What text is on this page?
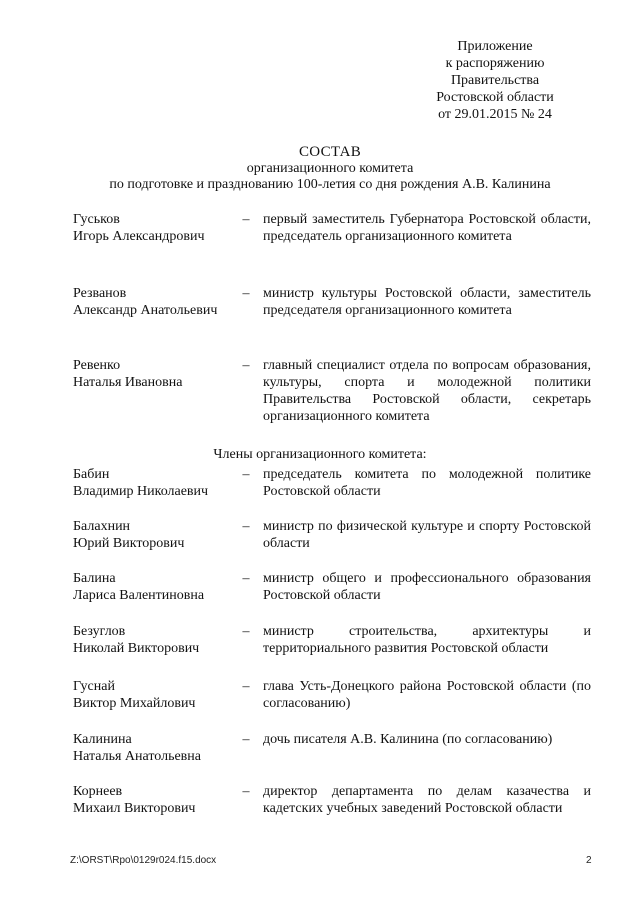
Приложение
к распоряжению
Правительства
Ростовской области
от 29.01.2015 № 24
СОСТАВ
организационного комитета
по подготовке и празднованию 100-летия со дня рождения А.В. Калинина
Гуськов
Игорь Александрович
– первый заместитель Губернатора Ростовской области, председатель организационного комитета
Резванов
Александр Анатольевич
– министр культуры Ростовской области, заместитель председателя организационного комитета
Ревенко
Наталья Ивановна
– главный специалист отдела по вопросам образования, культуры, спорта и молодежной политики Правительства Ростовской области, секретарь организационного комитета
Члены организационного комитета:
Бабин
Владимир Николаевич
– председатель комитета по молодежной политике Ростовской области
Балахнин
Юрий Викторович
– министр по физической культуре и спорту Ростовской области
Балина
Лариса Валентиновна
– министр общего и профессионального образования Ростовской области
Безуглов
Николай Викторович
– министр строительства, архитектуры и территориального развития Ростовской области
Гуснай
Виктор Михайлович
– глава Усть-Донецкого района Ростовской области (по согласованию)
Калинина
Наталья Анатольевна
– дочь писателя А.В. Калинина (по согласованию)
Корнеев
Михаил Викторович
– директор департамента по делам казачества и кадетских учебных заведений Ростовской области
Z:\ORST\Rpo\0129r024.f15.docx	2
